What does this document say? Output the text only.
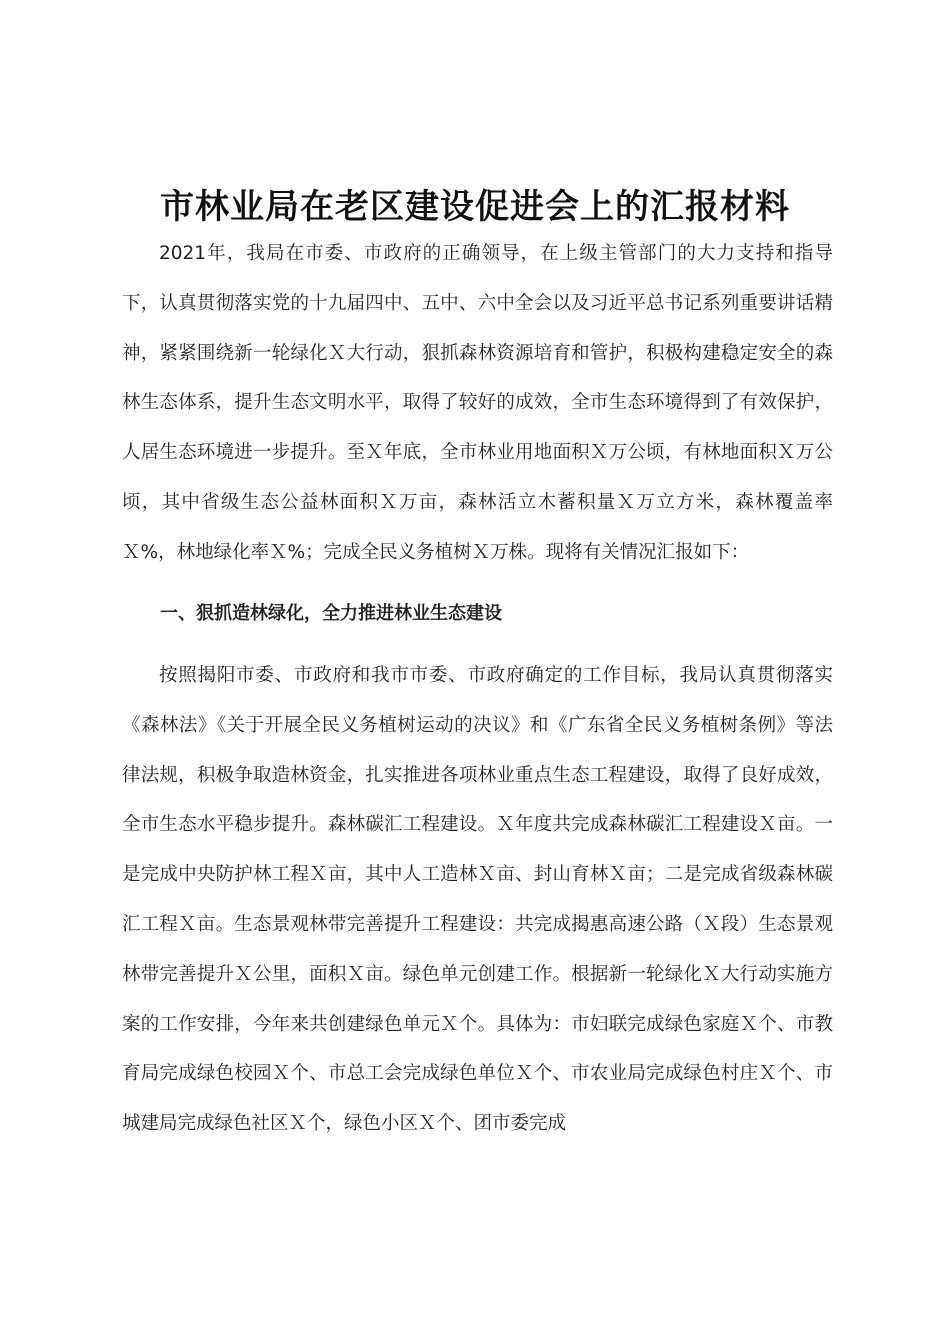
市林业局在老区建设促进会上的汇报材料

2021年，我局在市委、市政府的正确领导，在上级主管部门的大力支持和指导下，认真贯彻落实党的十九届四中、五中、六中全会以及习近平总书记系列重要讲话精神，紧紧围绕新一轮绿化Ｘ大行动，狠抓森林资源培育和管护，积极构建稳定安全的森林生态体系，提升生态文明水平，取得了较好的成效，全市生态环境得到了有效保护，人居生态环境进一步提升。至Ｘ年底，全市林业用地面积Ｘ万公顷，有林地面积Ｘ万公顷，其中省级生态公益林面积Ｘ万亩，森林活立木蓄积量Ｘ万立方米，森林覆盖率Ｘ%，林地绿化率Ｘ%；完成全民义务植树Ｘ万株。现将有关情况汇报如下：

一、狠抓造林绿化，全力推进林业生态建设

按照揭阳市委、市政府和我市市委、市政府确定的工作目标，我局认真贯彻落实《森林法》《关于开展全民义务植树运动的决议》和《广东省全民义务植树条例》等法律法规，积极争取造林资金，扎实推进各项林业重点生态工程建设，取得了良好成效，全市生态水平稳步提升。森林碳汇工程建设。Ｘ年度共完成森林碳汇工程建设Ｘ亩。一是完成中央防护林工程Ｘ亩，其中人工造林Ｘ亩、封山育林Ｘ亩；二是完成省级森林碳汇工程Ｘ亩。生态景观林带完善提升工程建设：共完成揭惠高速公路（Ｘ段）生态景观林带完善提升Ｘ公里，面积Ｘ亩。绿色单元创建工作。根据新一轮绿化Ｘ大行动实施方案的工作安排，今年来共创建绿色单元Ｘ个。具体为：市妇联完成绿色家庭Ｘ个、市教育局完成绿色校园Ｘ个、市总工会完成绿色单位Ｘ个、市农业局完成绿色村庄Ｘ个、市城建局完成绿色社区Ｘ个，绿色小区Ｘ个、团市委完成
